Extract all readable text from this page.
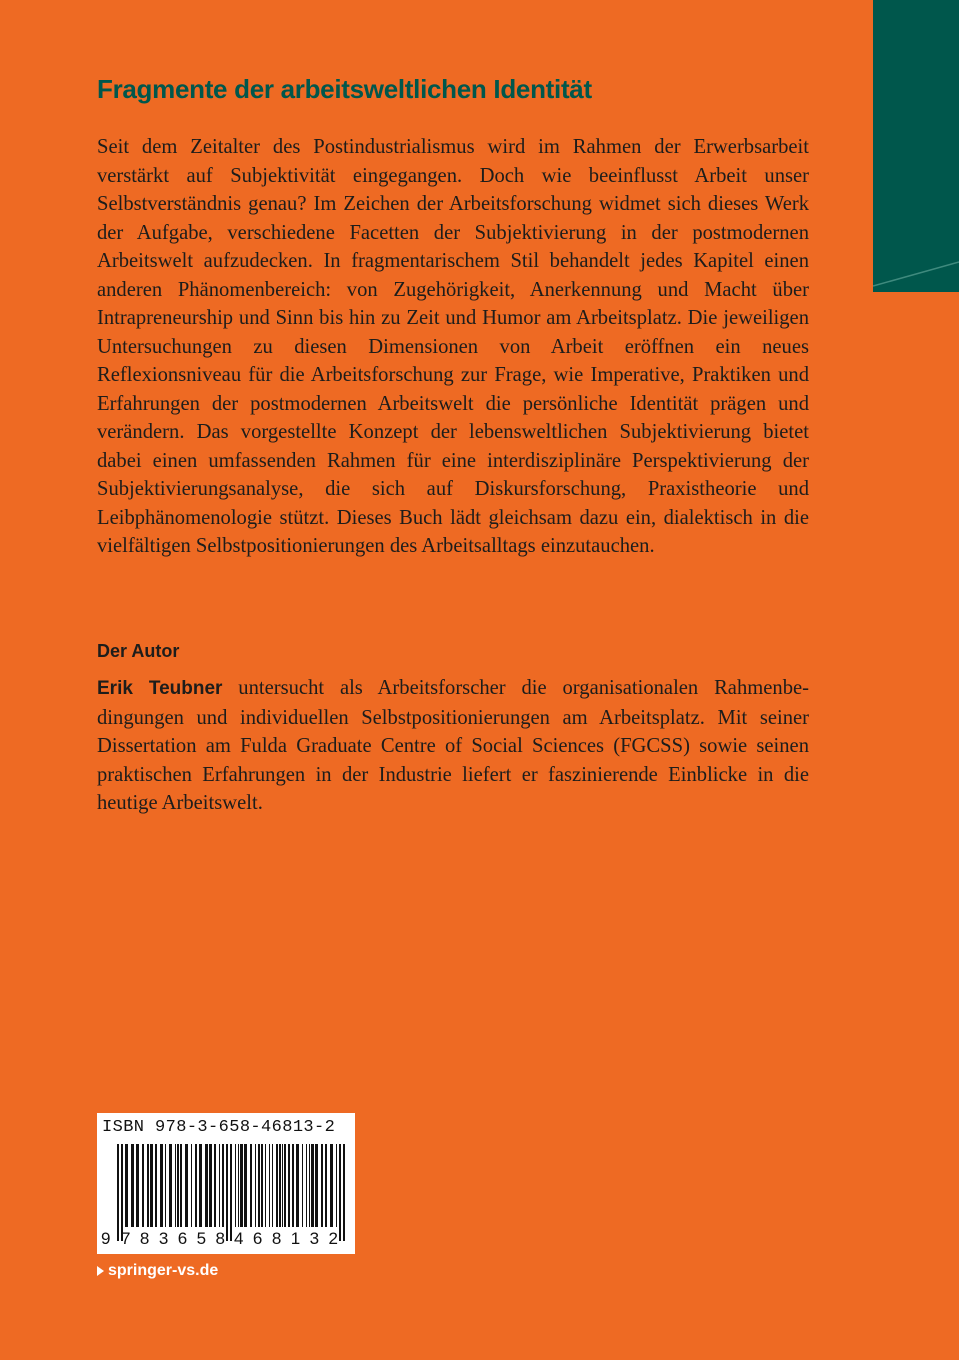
Fragmente der arbeitsweltlichen Identität

Seit dem Zeitalter des Postindustrialismus wird im Rahmen der Erwerbsarbeit verstärkt auf Subjektivität eingegangen. Doch wie beeinflusst Arbeit unser Selbstverständnis genau? Im Zeichen der Arbeitsforschung widmet sich dieses Werk der Aufgabe, verschiedene Facetten der Subjektivierung in der postmodernen Arbeitswelt aufzudecken. In fragmentarischem Stil behandelt jedes Kapitel einen anderen Phänomenbereich: von Zugehörigkeit, Anerkennung und Macht über Intrapreneurship und Sinn bis hin zu Zeit und Humor am Arbeitsplatz. Die jeweiligen Untersuchungen zu diesen Dimensionen von Arbeit eröffnen ein neues Reflexionsniveau für die Arbeitsforschung zur Frage, wie Imperative, Praktiken und Erfahrungen der postmodernen Arbeitswelt die persönliche Identität prägen und verändern. Das vorgestellte Konzept der lebensweltlichen Subjektivierung bietet dabei einen umfassenden Rahmen für eine interdisziplinäre Perspektivierung der Subjektivierungsanalyse, die sich auf Diskursforschung, Praxistheorie und Leibphänomenologie stützt. Dieses Buch lädt gleichsam dazu ein, dialektisch in die vielfältigen Selbstpositionierungen des Arbeitsalltags einzutauchen.

Der Autor

Erik Teubner untersucht als Arbeitsforscher die organisationalen Rahmenbedingungen und individuellen Selbstpositionierungen am Arbeitsplatz. Mit seiner Dissertation am Fulda Graduate Centre of Social Sciences (FGCSS) sowie seinen praktischen Erfahrungen in der Industrie liefert er faszinierende Einblicke in die heutige Arbeitswelt.

ISBN 978-3-658-46813-2
9 7 8 3 6 5 8 4 6 8 1 3 2
springer-vs.de
